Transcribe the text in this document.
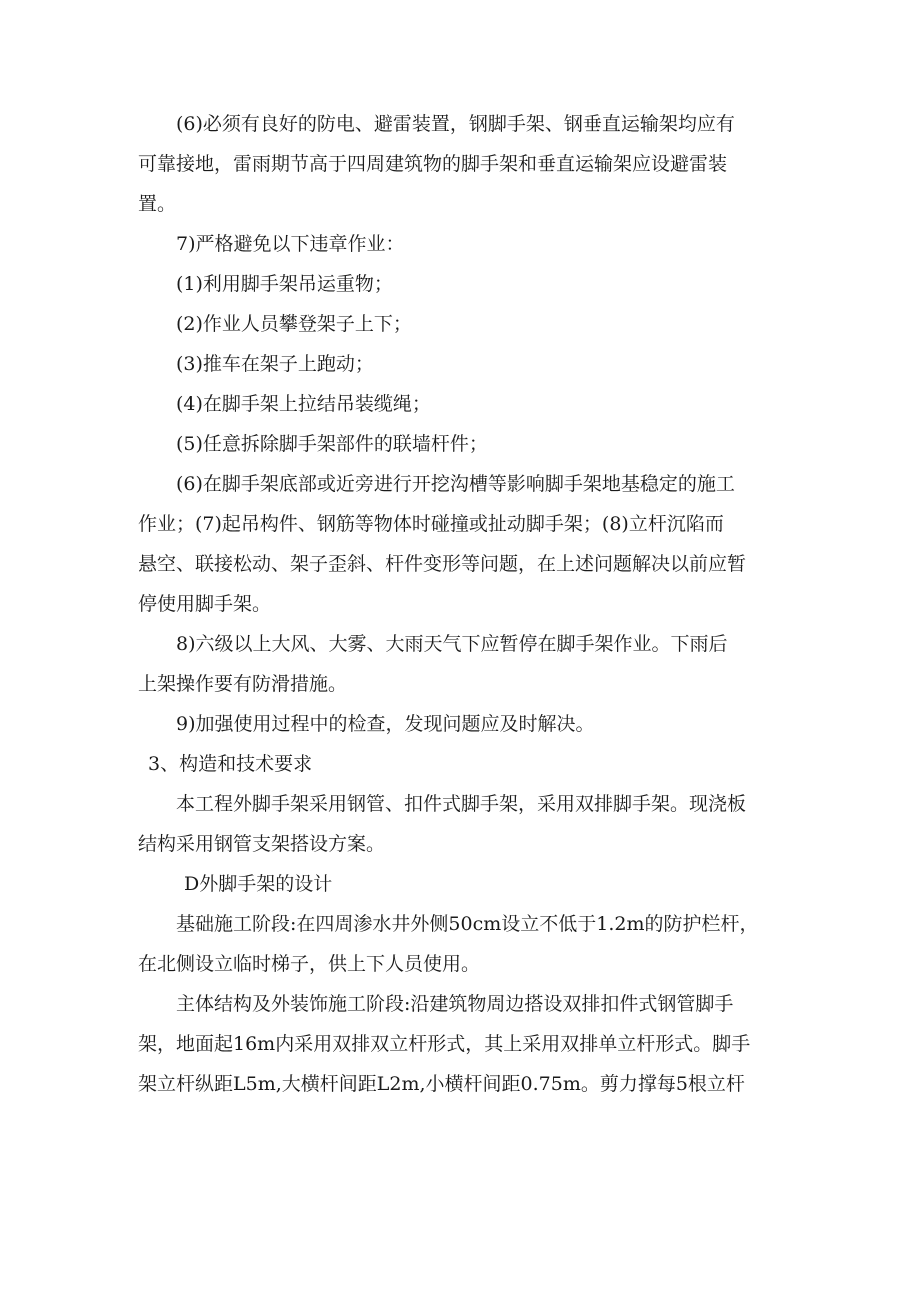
(6)必须有良好的防电、避雷装置，钢脚手架、钢垂直运输架均应有
可靠接地，雷雨期节高于四周建筑物的脚手架和垂直运输架应设避雷装
置。
7)严格避免以下违章作业：
(1)利用脚手架吊运重物；
(2)作业人员攀登架子上下；
(3)推车在架子上跑动；
(4)在脚手架上拉结吊装缆绳；
(5)任意拆除脚手架部件的联墙杆件；
(6)在脚手架底部或近旁进行开挖沟槽等影响脚手架地基稳定的施工
作业；(7)起吊构件、钢筋等物体时碰撞或扯动脚手架；(8)立杆沉陷而
悬空、联接松动、架子歪斜、杆件变形等问题，在上述问题解决以前应暂
停使用脚手架。
8)六级以上大风、大雾、大雨天气下应暂停在脚手架作业。下雨后
上架操作要有防滑措施。
9)加强使用过程中的检查，发现问题应及时解决。
3、构造和技术要求
本工程外脚手架采用钢管、扣件式脚手架，采用双排脚手架。现浇板
结构采用钢管支架搭设方案。
D外脚手架的设计
基础施工阶段:在四周渗水井外侧50cm设立不低于1.2m的防护栏杆，
在北侧设立临时梯子，供上下人员使用。
主体结构及外装饰施工阶段:沿建筑物周边搭设双排扣件式钢管脚手
架，地面起16m内采用双排双立杆形式，其上采用双排单立杆形式。脚手
架立杆纵距L5m,大横杆间距L2m,小横杆间距0.75m。剪力撑每5根立杆
